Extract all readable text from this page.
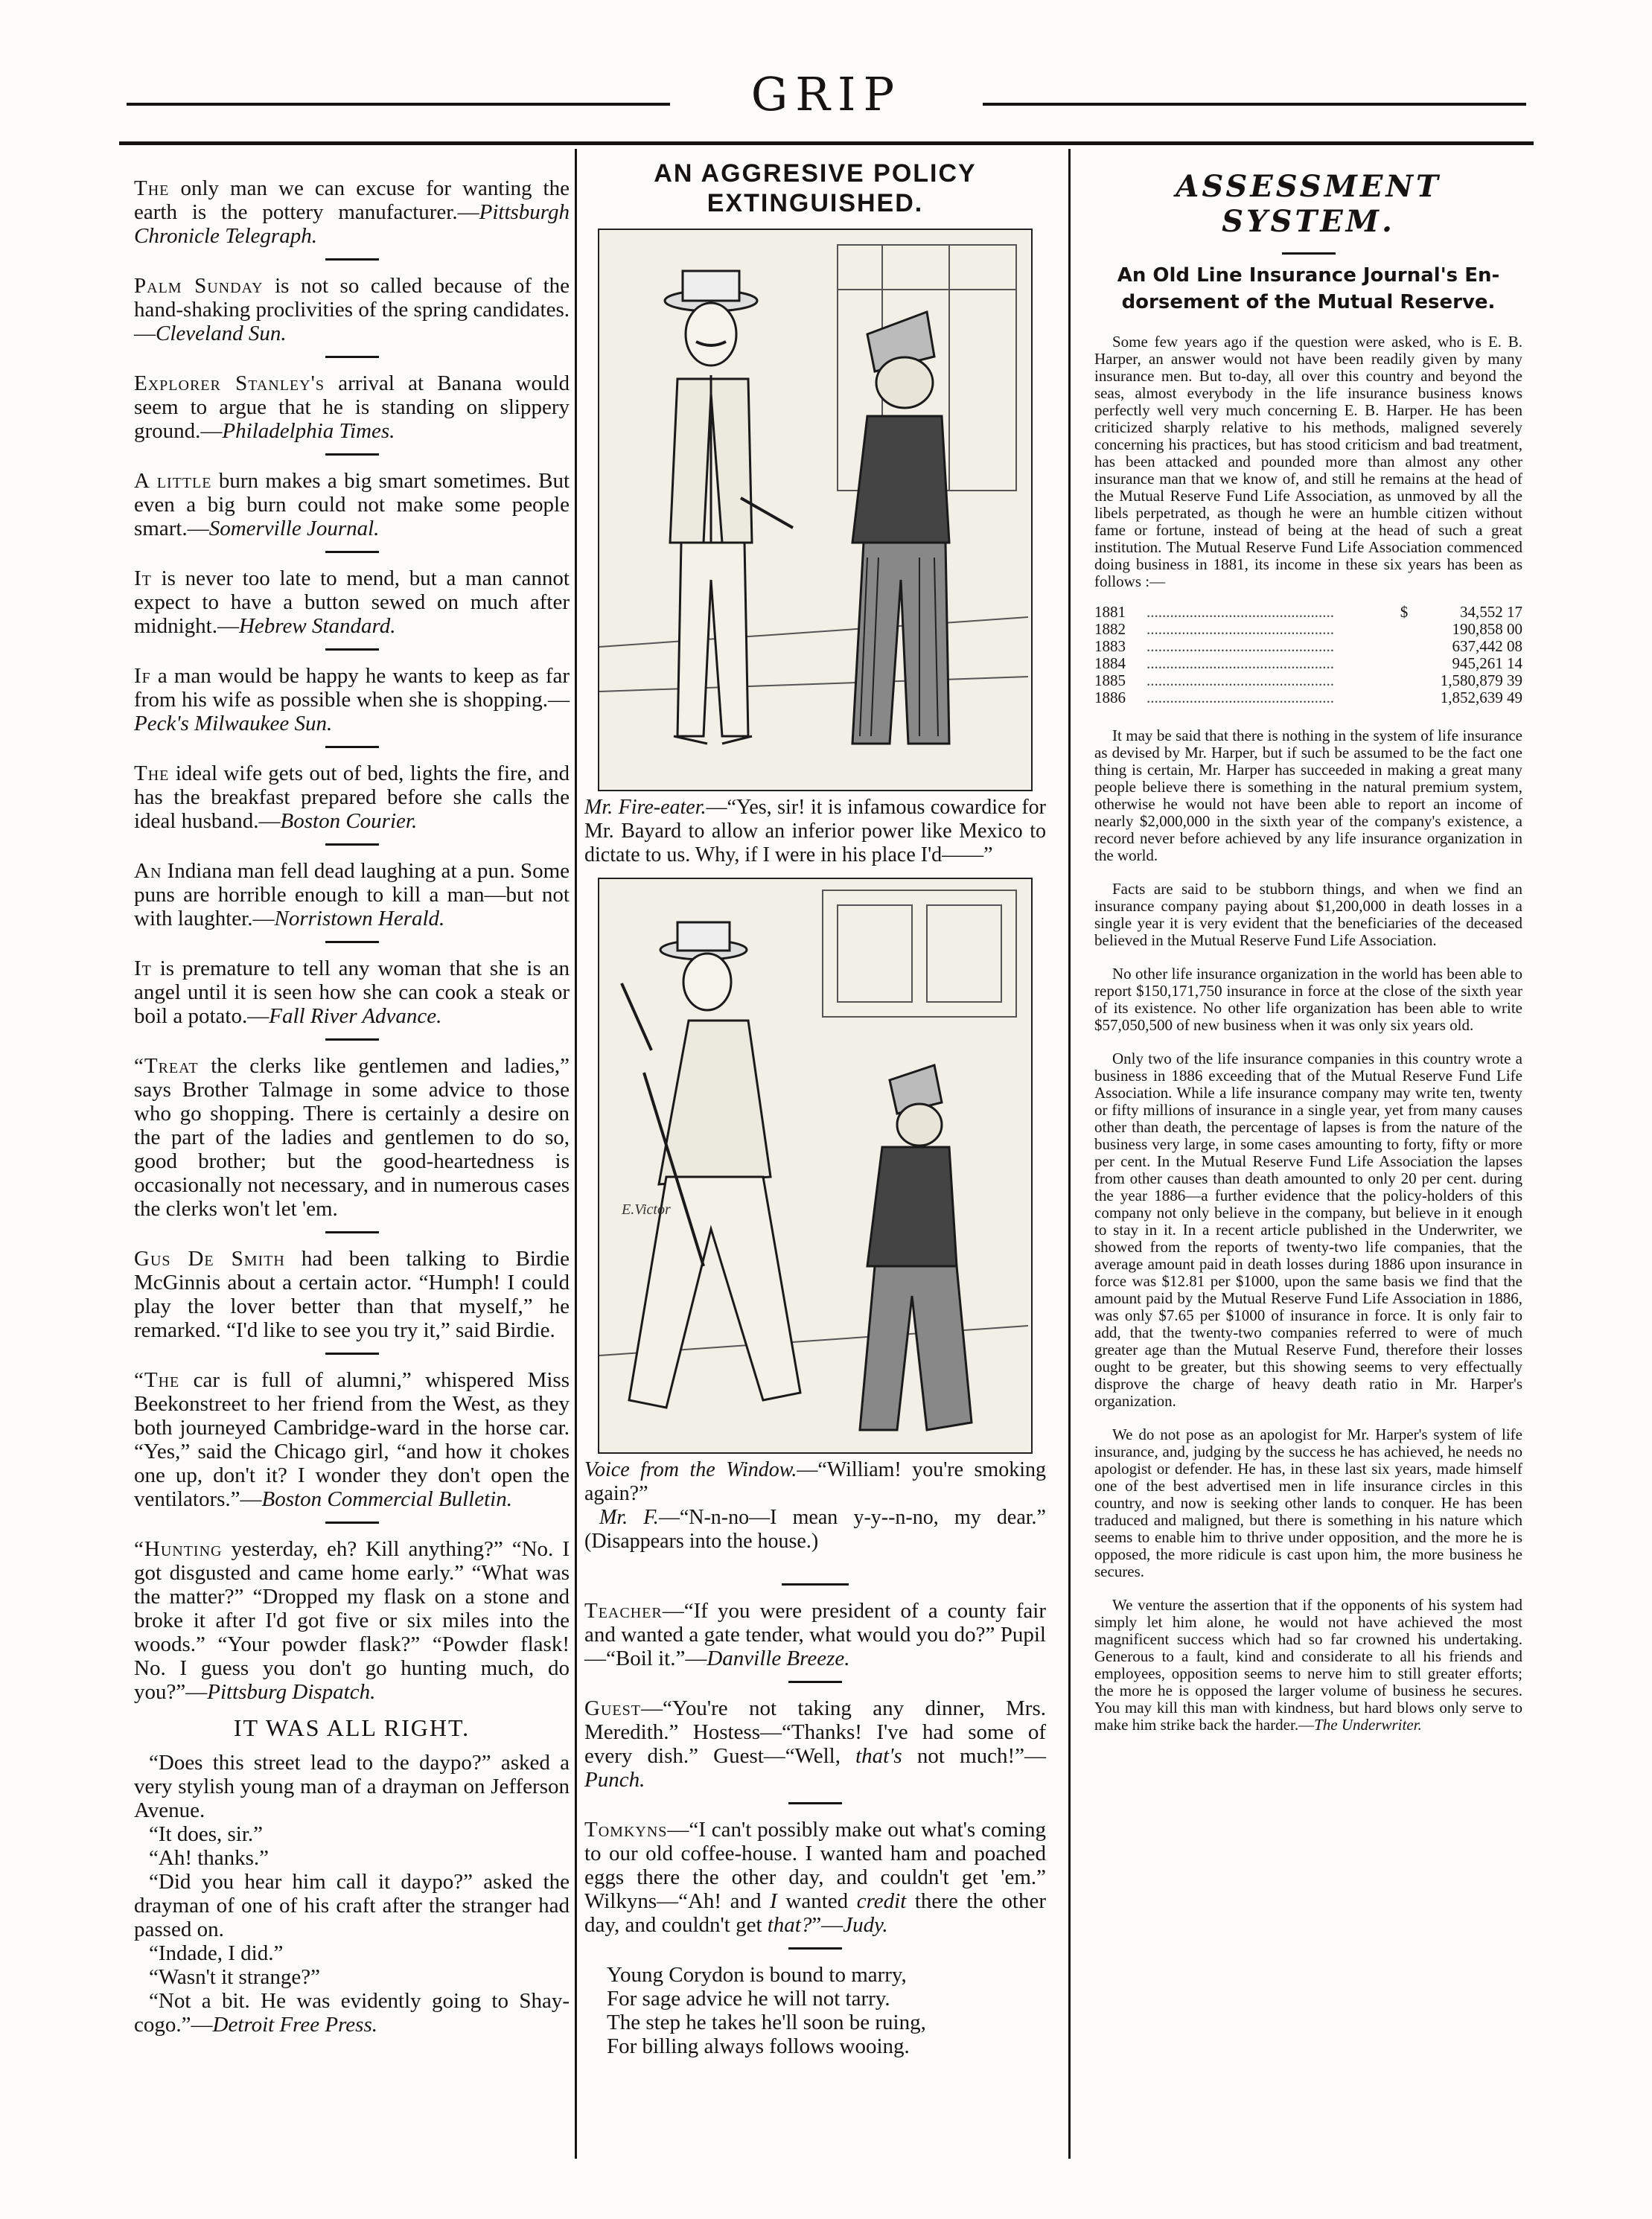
GRIP

The only man we can excuse for wanting the earth is the pottery manufacturer.—Pittsburgh Chronicle Telegraph.

Palm Sunday is not so called because of the hand-shaking proclivities of the spring candidates.—Cleveland Sun.

Explorer Stanley's arrival at Banana would seem to argue that he is standing on slippery ground.—Philadelphia Times.

A little burn makes a big smart sometimes. But even a big burn could not make some people smart.—Somerville Journal.

It is never too late to mend, but a man cannot expect to have a button sewed on much after midnight.—Hebrew Standard.

If a man would be happy he wants to keep as far from his wife as possible when she is shopping.—Peck's Milwaukee Sun.

The ideal wife gets out of bed, lights the fire, and has the breakfast prepared before she calls the ideal husband.—Boston Courier.

An Indiana man fell dead laughing at a pun. Some puns are horrible enough to kill a man—but not with laughter.—Norristown Herald.

It is premature to tell any woman that she is an angel until it is seen how she can cook a steak or boil a potato.—Fall River Advance.

“Treat the clerks like gentlemen and ladies,” says Brother Talmage in some advice to those who go shopping. There is certainly a desire on the part of the ladies and gentlemen to do so, good brother; but the good-heartedness is occasionally not necessary, and in numerous cases the clerks won't let 'em.

Gus De Smith had been talking to Birdie McGinnis about a certain actor. “Humph! I could play the lover better than that myself,” he remarked. “I'd like to see you try it,” said Birdie.

“The car is full of alumni,” whispered Miss Beekonstreet to her friend from the West, as they both journeyed Cambridge-ward in the horse car. “Yes,” said the Chicago girl, “and how it chokes one up, don't it? I wonder they don't open the ventilators.”—Boston Commercial Bulletin.

“Hunting yesterday, eh? Kill anything?” “No. I got disgusted and came home early.” “What was the matter?” “Dropped my flask on a stone and broke it after I'd got five or six miles into the woods.” “Your powder flask?” “Powder flask! No. I guess you don't go hunting much, do you?”—Pittsburg Dispatch.

IT WAS ALL RIGHT.

“Does this street lead to the daypo?” asked a very stylish young man of a drayman on Jefferson Avenue.

“It does, sir.”

“Ah! thanks.”

“Did you hear him call it daypo?” asked the drayman of one of his craft after the stranger had passed on.

“Indade, I did.”

“Wasn't it strange?”

“Not a bit. He was evidently going to Shay-cogo.”—Detroit Free Press.

AN AGGRESIVE POLICY
EXTINGUISHED.

Mr. Fire-eater.—“Yes, sir! it is infamous cowardice for Mr. Bayard to allow an inferior power like Mexico to dictate to us. Why, if I were in his place I'd——”

E.Victor

Voice from the Window.—“William! you're smoking again?”

Mr. F.—“N-n-no—I mean y-y--n-no, my dear.” (Disappears into the house.)

Teacher—“If you were president of a county fair and wanted a gate tender, what would you do?” Pupil—“Boil it.”—Danville Breeze.

Guest—“You're not taking any dinner, Mrs. Meredith.” Hostess—“Thanks! I've had some of every dish.” Guest—“Well, that's not much!”—Punch.

Tomkyns—“I can't possibly make out what's coming to our old coffee-house. I wanted ham and poached eggs there the other day, and couldn't get 'em.” Wilkyns—“Ah! and I wanted credit there the other day, and couldn't get that?”—Judy.

Young Corydon is bound to marry,

For sage advice he will not tarry.

The step he takes he'll soon be ruing,

For billing always follows wooing.

ASSESSMENT SYSTEM.
An Old Line Insurance Journal's En-
dorsement of the Mutual Reserve.

Some few years ago if the question were asked, who is E. B. Harper, an answer would not have been readily given by many insurance men. But to-day, all over this country and beyond the seas, almost everybody in the life insurance business knows perfectly well very much concerning E. B. Harper. He has been criticized sharply relative to his methods, maligned severely concerning his practices, but has stood criticism and bad treatment, has been attacked and pounded more than almost any other insurance man that we know of, and still he remains at the head of the Mutual Reserve Fund Life Association, as unmoved by all the libels perpetrated, as though he were an humble citizen without fame or fortune, instead of being at the head of such a great institution. The Mutual Reserve Fund Life Association commenced doing business in 1881, its income in these six years has been as follows :—

1881	................................................	$	34,552 17
1882	................................................		190,858 00
1883	................................................		637,442 08
1884	................................................		945,261 14
1885	................................................		1,580,879 39
1886	................................................		1,852,639 49

It may be said that there is nothing in the system of life insurance as devised by Mr. Harper, but if such be assumed to be the fact one thing is certain, Mr. Harper has succeeded in making a great many people believe there is something in the natural premium system, otherwise he would not have been able to report an income of nearly $2,000,000 in the sixth year of the company's existence, a record never before achieved by any life insurance organization in the world.

Facts are said to be stubborn things, and when we find an insurance company paying about $1,200,000 in death losses in a single year it is very evident that the beneficiaries of the deceased believed in the Mutual Reserve Fund Life Association.

No other life insurance organization in the world has been able to report $150,171,750 insurance in force at the close of the sixth year of its existence. No other life organization has been able to write $57,050,500 of new business when it was only six years old.

Only two of the life insurance companies in this country wrote a business in 1886 exceeding that of the Mutual Reserve Fund Life Association. While a life insurance company may write ten, twenty or fifty millions of insurance in a single year, yet from many causes other than death, the percentage of lapses is from the nature of the business very large, in some cases amounting to forty, fifty or more per cent. In the Mutual Reserve Fund Life Association the lapses from other causes than death amounted to only 20 per cent. during the year 1886—a further evidence that the policy-holders of this company not only believe in the company, but believe in it enough to stay in it. In a recent article published in the Underwriter, we showed from the reports of twenty-two life companies, that the average amount paid in death losses during 1886 upon insurance in force was $12.81 per $1000, upon the same basis we find that the amount paid by the Mutual Reserve Fund Life Association in 1886, was only $7.65 per $1000 of insurance in force. It is only fair to add, that the twenty-two companies referred to were of much greater age than the Mutual Reserve Fund, therefore their losses ought to be greater, but this showing seems to very effectually disprove the charge of heavy death ratio in Mr. Harper's organization.

We do not pose as an apologist for Mr. Harper's system of life insurance, and, judging by the success he has achieved, he needs no apologist or defender. He has, in these last six years, made himself one of the best advertised men in life insurance circles in this country, and now is seeking other lands to conquer. He has been traduced and maligned, but there is something in his nature which seems to enable him to thrive under opposition, and the more he is opposed, the more ridicule is cast upon him, the more business he secures.

We venture the assertion that if the opponents of his system had simply let him alone, he would not have achieved the most magnificent success which had so far crowned his undertaking. Generous to a fault, kind and considerate to all his friends and employees, opposition seems to nerve him to still greater efforts; the more he is opposed the larger volume of business he secures. You may kill this man with kindness, but hard blows only serve to make him strike back the harder.—The Underwriter.
